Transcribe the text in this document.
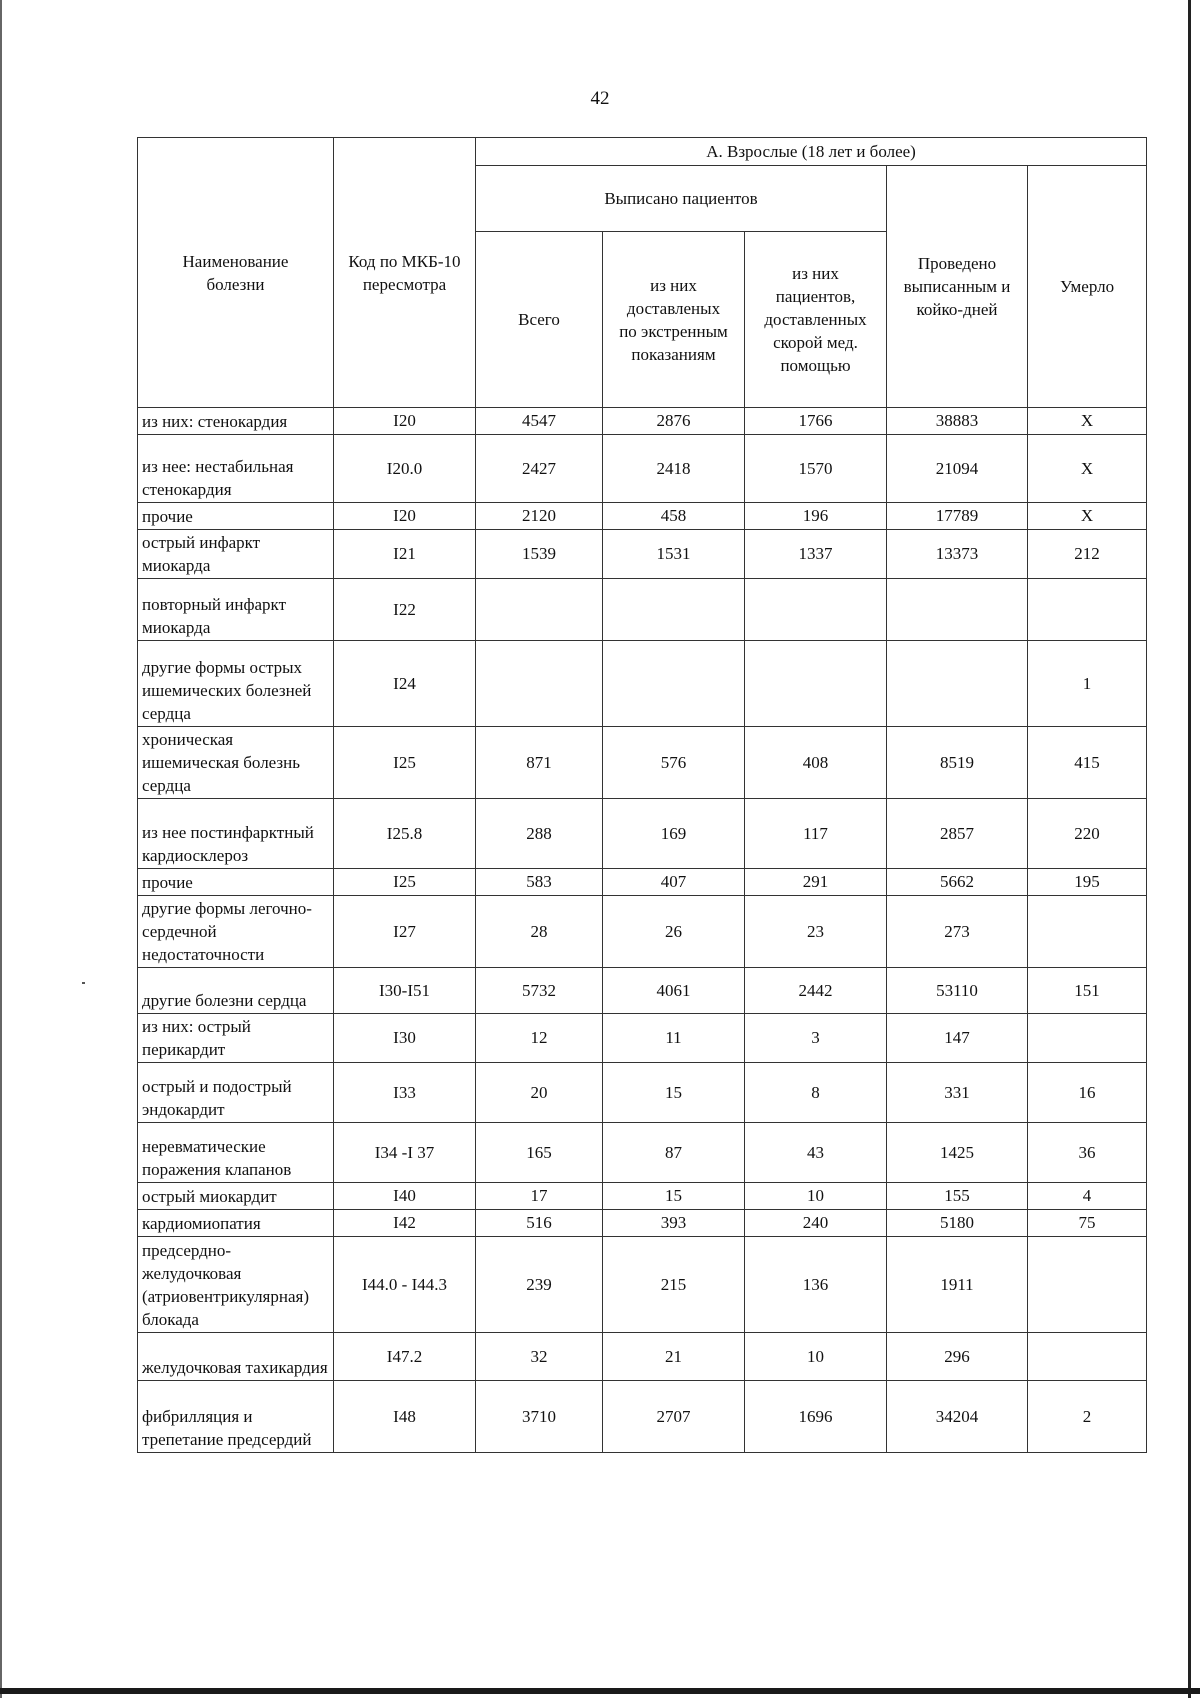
42
Наименование болезни	Код по МКБ-10 пересмотра	А. Взрослые (18 лет и более)				
		Выписано пациентов			Проведено выписанным и койко-дней	Умерло
		Всего	из них доставленых по экстренным показаниям	из них пациентов, доставленных скорой мед. помощью		
из них: стенокардия	I20	4547	2876	1766	38883	X
из нее: нестабильная стенокардия	I20.0	2427	2418	1570	21094	X
прочие	I20	2120	458	196	17789	X
острый инфаркт миокарда	I21	1539	1531	1337	13373	212
повторный инфаркт миокарда	I22					
другие формы острых ишемических болезней сердца	I24					1
хроническая ишемическая болезнь сердца	I25	871	576	408	8519	415
из нее постинфарктный кардиосклероз	I25.8	288	169	117	2857	220
прочие	I25	583	407	291	5662	195
другие формы легочно-сердечной недостаточности	I27	28	26	23	273	
другие болезни сердца	I30-I51	5732	4061	2442	53110	151
из них: острый перикардит	I30	12	11	3	147	
острый и подострый эндокардит	I33	20	15	8	331	16
неревматические поражения клапанов	I34 -I 37	165	87	43	1425	36
острый миокардит	I40	17	15	10	155	4
кардиомиопатия	I42	516	393	240	5180	75
предсердно-желудочковая (атриовентрикулярная) блокада	I44.0 - I44.3	239	215	136	1911	
желудочковая тахикардия	I47.2	32	21	10	296	
фибрилляция и трепетание предсердий	I48	3710	2707	1696	34204	2
